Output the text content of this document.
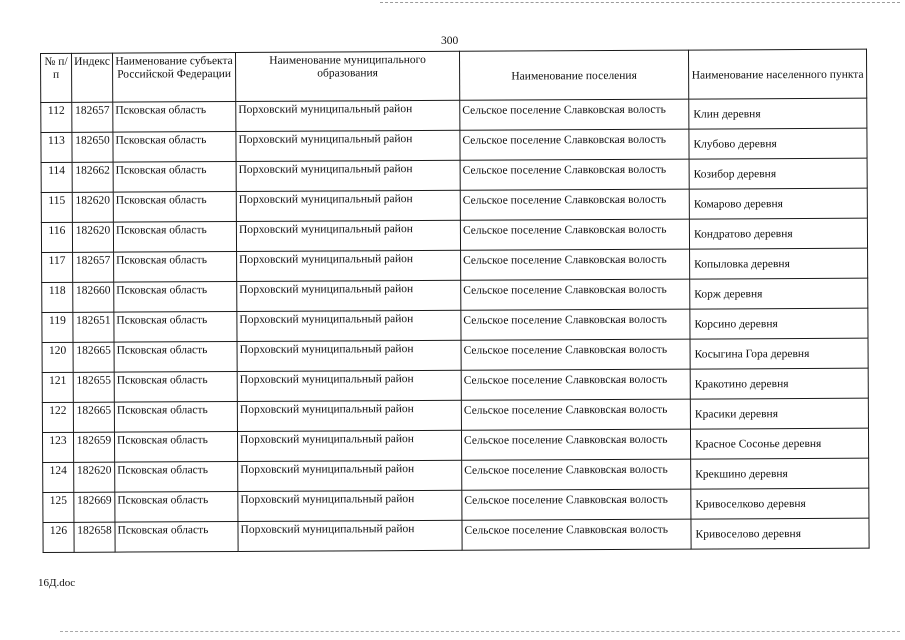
300
№ п/п	Индекс	Наименование субъекта Российской Федерации	Наименование муниципального образования	Наименование поселения	Наименование населенного пункта
112	182657	Псковская область	Порховский муниципальный район	Сельское поселение Славковская волость	Клин деревня
113	182650	Псковская область	Порховский муниципальный район	Сельское поселение Славковская волость	Клубово деревня
114	182662	Псковская область	Порховский муниципальный район	Сельское поселение Славковская волость	Козибор деревня
115	182620	Псковская область	Порховский муниципальный район	Сельское поселение Славковская волость	Комарово деревня
116	182620	Псковская область	Порховский муниципальный район	Сельское поселение Славковская волость	Кондратово деревня
117	182657	Псковская область	Порховский муниципальный район	Сельское поселение Славковская волость	Копыловка деревня
118	182660	Псковская область	Порховский муниципальный район	Сельское поселение Славковская волость	Корж деревня
119	182651	Псковская область	Порховский муниципальный район	Сельское поселение Славковская волость	Корсино деревня
120	182665	Псковская область	Порховский муниципальный район	Сельское поселение Славковская волость	Косыгина Гора деревня
121	182655	Псковская область	Порховский муниципальный район	Сельское поселение Славковская волость	Кракотино деревня
122	182665	Псковская область	Порховский муниципальный район	Сельское поселение Славковская волость	Красики деревня
123	182659	Псковская область	Порховский муниципальный район	Сельское поселение Славковская волость	Красное Сосонье деревня
124	182620	Псковская область	Порховский муниципальный район	Сельское поселение Славковская волость	Крекшино деревня
125	182669	Псковская область	Порховский муниципальный район	Сельское поселение Славковская волость	Кривоселково деревня
126	182658	Псковская область	Порховский муниципальный район	Сельское поселение Славковская волость	Кривоселово деревня
16Д.doc
